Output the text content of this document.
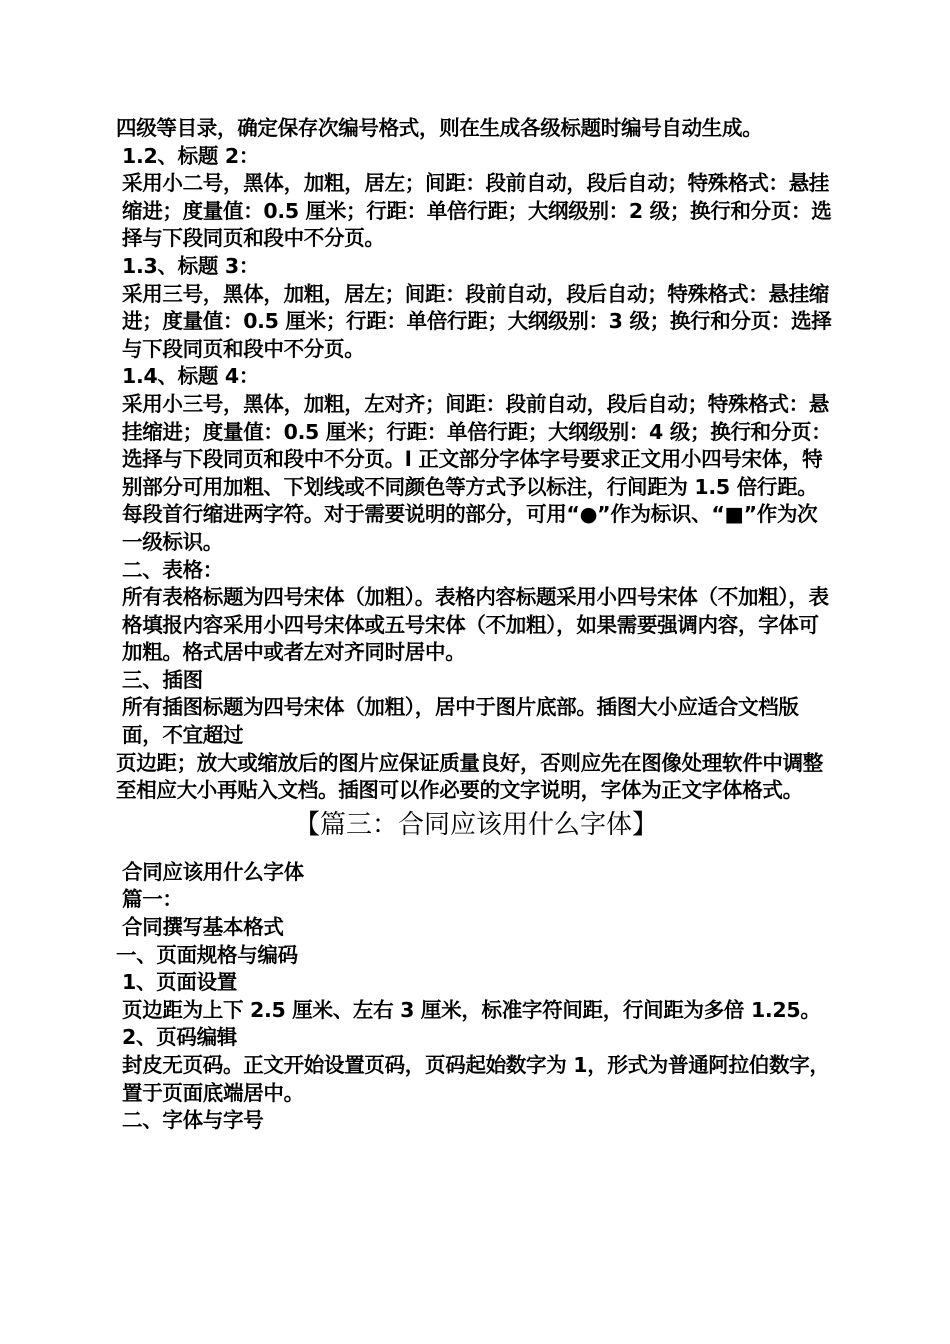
四级等目录，确定保存次编号格式，则在生成各级标题时编号自动生成。

1.2、标题 2：

采用小二号，黑体，加粗，居左；间距：段前自动，段后自动；特殊格式：悬挂缩进；度量值：0.5 厘米；行距：单倍行距；大纲级别：2 级；换行和分页：选择与下段同页和段中不分页。

1.3、标题 3：

采用三号，黑体，加粗，居左；间距：段前自动，段后自动；特殊格式：悬挂缩进；度量值：0.5 厘米；行距：单倍行距；大纲级别：3 级；换行和分页：选择与下段同页和段中不分页。

1.4、标题 4：

采用小三号，黑体，加粗，左对齐；间距：段前自动，段后自动；特殊格式：悬挂缩进；度量值：0.5 厘米；行距：单倍行距；大纲级别：4 级；换行和分页：选择与下段同页和段中不分页。l 正文部分字体字号要求正文用小四号宋体，特别部分可用加粗、下划线或不同颜色等方式予以标注，行间距为 1.5 倍行距。每段首行缩进两字符。对于需要说明的部分，可用“●”作为标识、“■”作为次一级标识。

二、表格：

所有表格标题为四号宋体（加粗）。表格内容标题采用小四号宋体（不加粗），表格填报内容采用小四号宋体或五号宋体（不加粗），如果需要强调内容，字体可加粗。格式居中或者左对齐同时居中。

三、插图

所有插图标题为四号宋体（加粗），居中于图片底部。插图大小应适合文档版面，不宜超过

页边距；放大或缩放后的图片应保证质量良好，否则应先在图像处理软件中调整至相应大小再贴入文档。插图可以作必要的文字说明，字体为正文字体格式。

【篇三：合同应该用什么字体】

合同应该用什么字体

篇一：

合同撰写基本格式

一、页面规格与编码

1、页面设置

页边距为上下 2.5 厘米、左右 3 厘米，标准字符间距，行间距为多倍 1.25。

2、页码编辑

封皮无页码。正文开始设置页码，页码起始数字为 1，形式为普通阿拉伯数字，置于页面底端居中。

二、字体与字号
